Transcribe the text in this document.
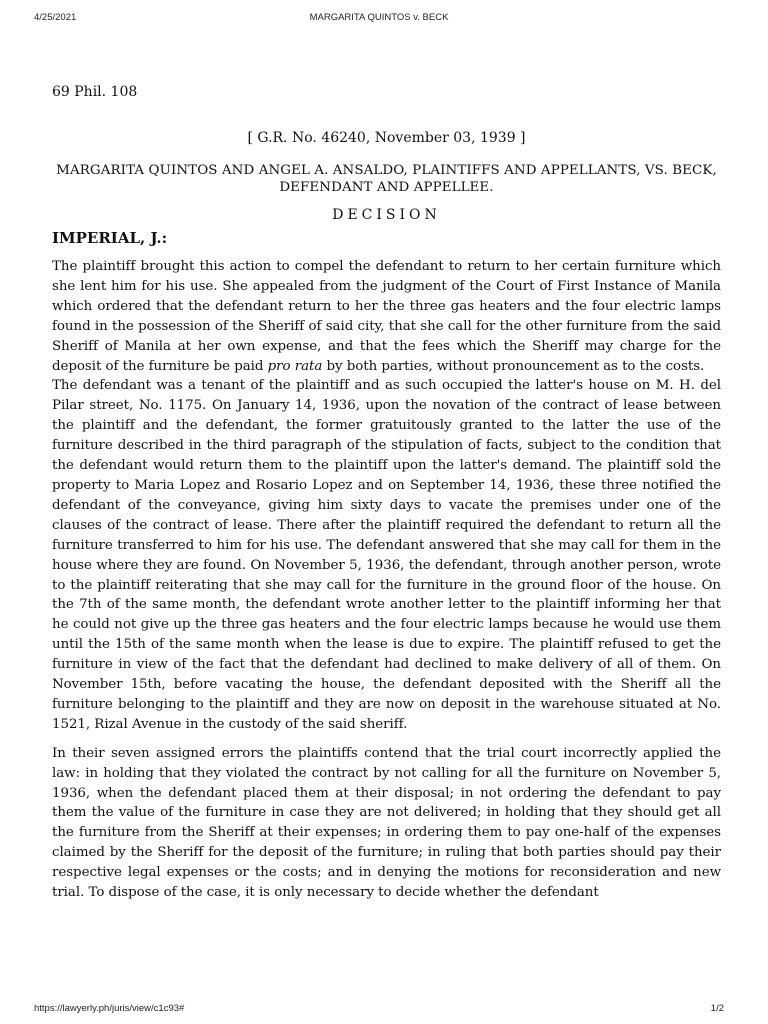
4/25/2021	MARGARITA QUINTOS v. BECK
69 Phil. 108
[ G.R. No. 46240, November 03, 1939 ]
MARGARITA QUINTOS AND ANGEL A. ANSALDO, PLAINTIFFS AND APPELLANTS, VS. BECK, DEFENDANT AND APPELLEE.
DECISION
IMPERIAL, J.:

The plaintiff brought this action to compel the defendant to return to her certain furniture which she lent him for his use. She appealed from the judgment of the Court of First Instance of Manila which ordered that the defendant return to her the three gas heaters and the four electric lamps found in the possession of the Sheriff of said city, that she call for the other furniture from the said Sheriff of Manila at her own expense, and that the fees which the Sheriff may charge for the deposit of the furniture be paid pro rata by both parties, without pronouncement as to the costs.

The defendant was a tenant of the plaintiff and as such occupied the latter's house on M. H. del Pilar street, No. 1175. On January 14, 1936, upon the novation of the contract of lease between the plaintiff and the defendant, the former gratuitously granted to the latter the use of the furniture described in the third paragraph of the stipulation of facts, subject to the condition that the defendant would return them to the plaintiff upon the latter's demand. The plaintiff sold the property to Maria Lopez and Rosario Lopez and on September 14, 1936, these three notified the defendant of the conveyance, giving him sixty days to vacate the premises under one of the clauses of the contract of lease. There after the plaintiff required the defendant to return all the furniture transferred to him for his use. The defendant answered that she may call for them in the house where they are found. On November 5, 1936, the defendant, through another person, wrote to the plaintiff reiterating that she may call for the furniture in the ground floor of the house. On the 7th of the same month, the defendant wrote another letter to the plaintiff informing her that he could not give up the three gas heaters and the four electric lamps because he would use them until the 15th of the same month when the lease is due to expire. The plaintiff refused to get the furniture in view of the fact that the defendant had declined to make delivery of all of them. On November 15th, before vacating the house, the defendant deposited with the Sheriff all the furniture belonging to the plaintiff and they are now on deposit in the warehouse situated at No. 1521, Rizal Avenue in the custody of the said sheriff.

In their seven assigned errors the plaintiffs contend that the trial court incorrectly applied the law: in holding that they violated the contract by not calling for all the furniture on November 5, 1936, when the defendant placed them at their disposal; in not ordering the defendant to pay them the value of the furniture in case they are not delivered; in holding that they should get all the furniture from the Sheriff at their expenses; in ordering them to pay one-half of the expenses claimed by the Sheriff for the deposit of the furniture; in ruling that both parties should pay their respective legal expenses or the costs; and in denying the motions for reconsideration and new trial. To dispose of the case, it is only necessary to decide whether the defendant

https://lawyerly.ph/juris/view/c1c93#	1/2
